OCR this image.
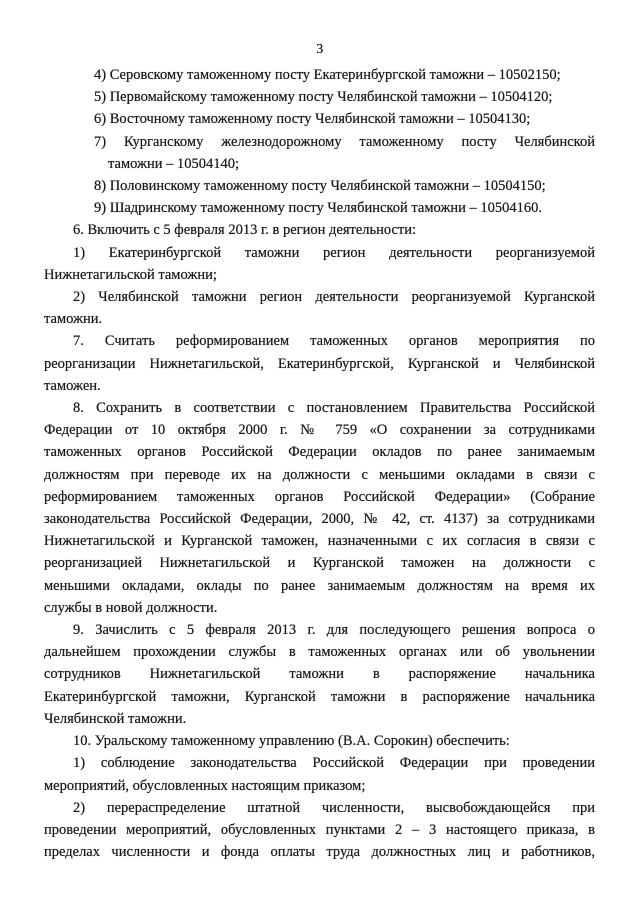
3
4) Серовскому таможенному посту Екатеринбургской таможни – 10502150;
5) Первомайскому таможенному посту Челябинской таможни – 10504120;
6) Восточному таможенному посту Челябинской таможни – 10504130;
7) Курганскому железнодорожному таможенному посту Челябинской
таможни – 10504140;
8) Половинскому таможенному посту Челябинской таможни – 10504150;
9) Шадринскому таможенному посту Челябинской таможни – 10504160.
6. Включить с 5 февраля 2013 г. в регион деятельности:
1) Екатеринбургской таможни регион деятельности реорганизуемой
Нижнетагильской таможни;
2) Челябинской таможни регион деятельности реорганизуемой Курганской
таможни.
7. Считать реформированием таможенных органов мероприятия по
реорганизации Нижнетагильской, Екатеринбургской, Курганской и Челябинской
таможен.
8. Сохранить в соответствии с постановлением Правительства Российской
Федерации от 10 октября 2000 г. № 759 «О сохранении за сотрудниками
таможенных органов Российской Федерации окладов по ранее занимаемым
должностям при переводе их на должности с меньшими окладами в связи с
реформированием таможенных органов Российской Федерации» (Собрание
законодательства Российской Федерации, 2000, № 42, ст. 4137) за сотрудниками
Нижнетагильской и Курганской таможен, назначенными с их согласия в связи с
реорганизацией Нижнетагильской и Курганской таможен на должности с
меньшими окладами, оклады по ранее занимаемым должностям на время их
службы в новой должности.
9. Зачислить с 5 февраля 2013 г. для последующего решения вопроса о
дальнейшем прохождении службы в таможенных органах или об увольнении
сотрудников Нижнетагильской таможни в распоряжение начальника
Екатеринбургской таможни, Курганской таможни в распоряжение начальника
Челябинской таможни.
10. Уральскому таможенному управлению (В.А. Сорокин) обеспечить:
1) соблюдение законодательства Российской Федерации при проведении
мероприятий, обусловленных настоящим приказом;
2) перераспределение штатной численности, высвобождающейся при
проведении мероприятий, обусловленных пунктами 2 – 3 настоящего приказа, в
пределах численности и фонда оплаты труда должностных лиц и работников,
